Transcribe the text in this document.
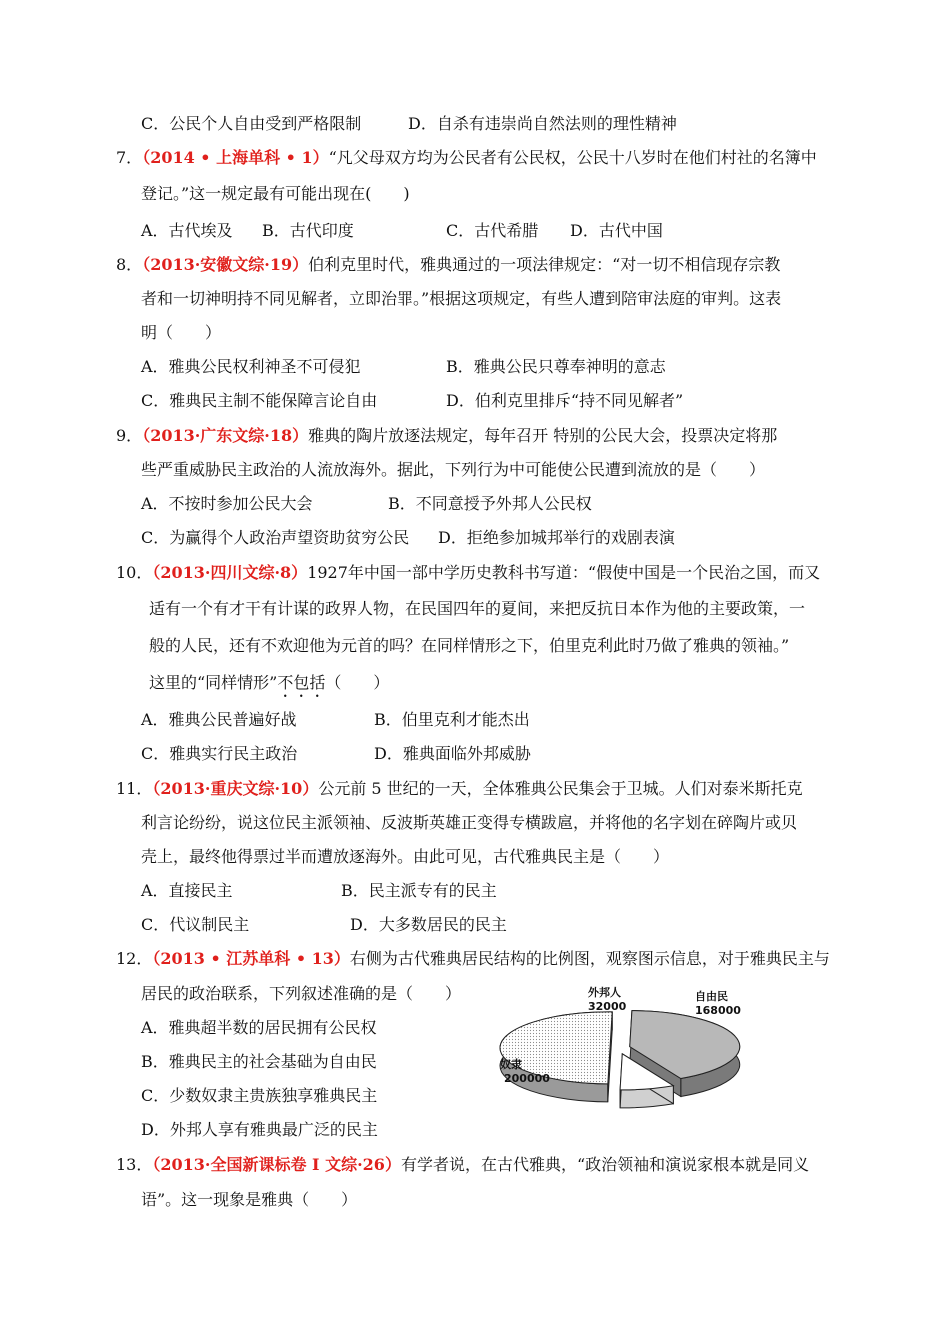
C．公民个人自由受到严格限制	D．自杀有违崇尚自然法则的理性精神
7．（2014 • 上海单科 • 1）“凡父母双方均为公民者有公民权，公民十八岁时在他们村社的名簿中
登记。”这一规定最有可能出现在(　　)
A．古代埃及 B．古代印度	C．古代希腊 D．古代中国
8．（2013·安徽文综·19）伯利克里时代，雅典通过的一项法律规定：“对一切不相信现存宗教
者和一切神明持不同见解者，立即治罪。”根据这项规定，有些人遭到陪审法庭的审判。这表
明（　　）
A．雅典公民权利神圣不可侵犯	B．雅典公民只尊奉神明的意志
C．雅典民主制不能保障言论自由	D．伯利克里排斥“持不同见解者”
9．（2013·广东文综·18）雅典的陶片放逐法规定，每年召开 特别的公民大会，投票决定将那
些严重威胁民主政治的人流放海外。据此，下列行为中可能使公民遭到流放的是（　　）
A．不按时参加公民大会	B．不同意授予外邦人公民权
C．为赢得个人政治声望资助贫穷公民 D．拒绝参加城邦举行的戏剧表演
10．（2013·四川文综·8）1927年中国一部中学历史教科书写道：“假使中国是一个民治之国，而又
适有一个有才干有计谋的政界人物，在民国四年的夏间，来把反抗日本作为他的主要政策，一
般的人民，还有不欢迎他为元首的吗？在同样情形之下，伯里克利此时乃做了雅典的领袖。”
这里的“同样情形”不包括（　　）
A．雅典公民普遍好战	B．伯里克利才能杰出
C．雅典实行民主政治	D．雅典面临外邦威胁
11．（2013·重庆文综·10）公元前 5 世纪的一天，全体雅典公民集会于卫城。人们对泰米斯托克
利言论纷纷，说这位民主派领袖、反波斯英雄正变得专横跋扈，并将他的名字划在碎陶片或贝
壳上，最终他得票过半而遭放逐海外。由此可见，古代雅典民主是（　　）
A．直接民主	B．民主派专有的民主
C．代议制民主	D．大多数居民的民主
12．（2013 • 江苏单科 • 13）右侧为古代雅典居民结构的比例图，观察图示信息，对于雅典民主与
居民的政治联系，下列叙述准确的是（　　）
A．雅典超半数的居民拥有公民权
B．雅典民主的社会基础为自由民
C．少数奴隶主贵族独享雅典民主
D．外邦人享有雅典最广泛的民主
外邦人
32000
自由民
168000
奴隶
200000
13．（2013·全国新课标卷 I 文综·26）有学者说，在古代雅典，“政治领袖和演说家根本就是同义
语”。这一现象是雅典（　　）
